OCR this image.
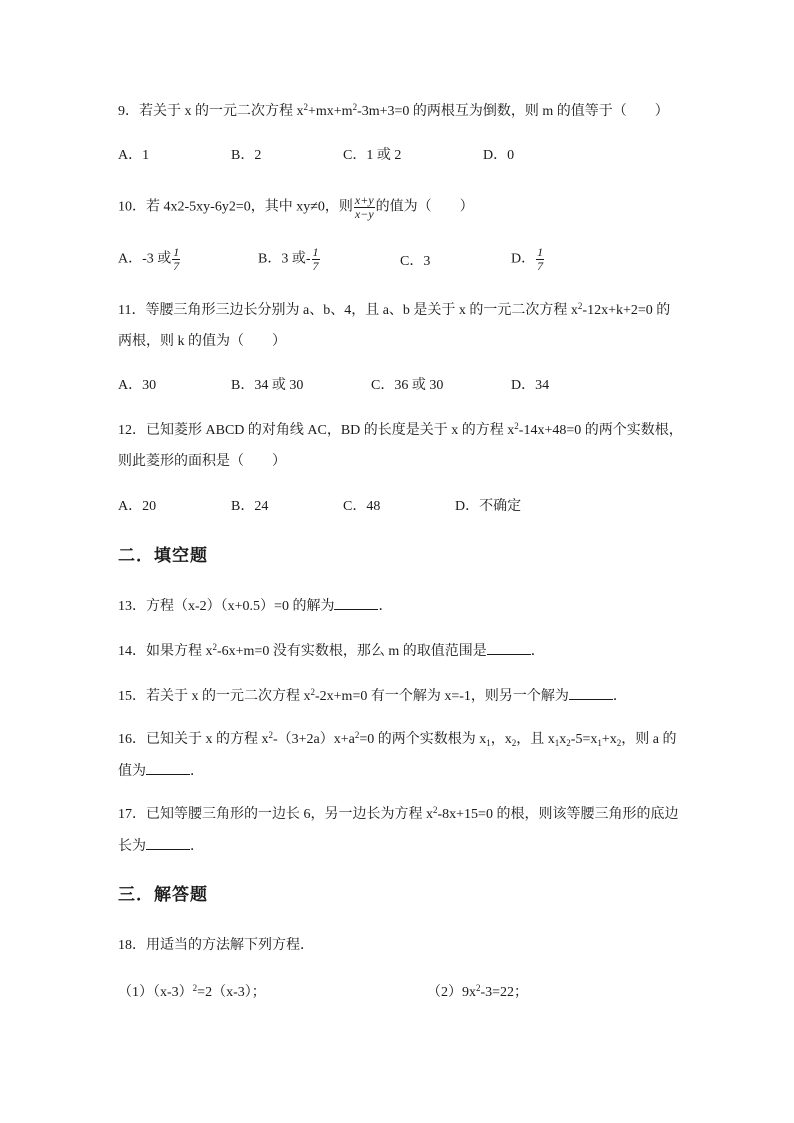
9．若关于 x 的一元二次方程 $x^2+mx+m^2-3m+3=0$ 的两根互为倒数，则 m 的值等于（　　）
A．1	B．2	C．1 或 2	D．0
10．若 4x2-5xy-6y2=0，其中 xy≠0，则 $\frac{x+y}{x-y}$ 的值为（　　）
A．-3 或 $\frac{1}{7}$	B．3 或- $\frac{1}{7}$	C．3	D． $\frac{1}{7}$
11．等腰三角形三边长分别为 a、b、4，且 a、b 是关于 x 的一元二次方程 $x^2-12x+k+2=0$ 的
两根，则 k 的值为（　　）
A．30	B．34 或 30	C．36 或 30	D．34
12．已知菱形 ABCD 的对角线 AC，BD 的长度是关于 x 的方程 $x^2-14x+48=0$ 的两个实数根，
则此菱形的面积是（　　）
A．20	B．24	C．48	D．不确定
二．填空题
13．方程（x-2）（x+0.5）=0 的解为	．
14．如果方程 $x^2-6x+m=0$ 没有实数根，那么 m 的取值范围是	．
15．若关于 x 的一元二次方程 $x^2-2x+m=0$ 有一个解为 x=-1，则另一个解为	．
16．已知关于 x 的方程 $x^2-(3+2a)x+a^2=0$ 的两个实数根为 $x_1$，$x_2$，且 $x_1x_2-5=x_1+x_2$，则 a 的
值为	．
17．已知等腰三角形的一边长 6，另一边长为方程 $x^2-8x+15=0$ 的根，则该等腰三角形的底边
长为	．
三．解答题
18．用适当的方法解下列方程．
$(1)(x-3)^2=2(x-3)$；	$(2)9x^2-3=22$；
